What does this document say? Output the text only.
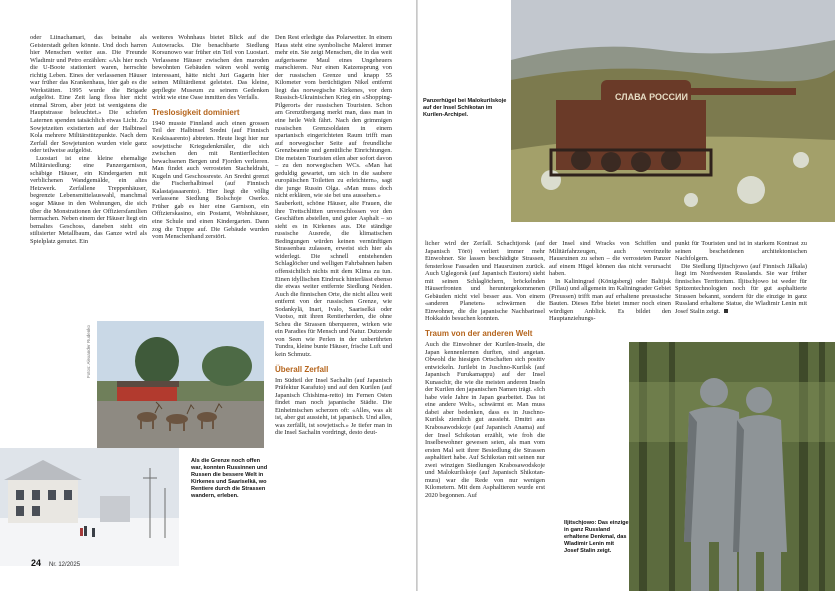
oder Liinachamari, das beinahe als Geisterstadt gelten könnte. Und doch harren hier Menschen weiter aus. Die Freunde Wladimir und Petro erzählen: «Als hier noch die U-Boote stationiert waren, herrschte richtig Leben. Eines der verlassenen Häuser war früher das Krankenhaus, hier gab es die Werkstätten. 1995 wurde die Brigade aufgelöst. Eine Zeit lang floss hier nicht einmal Strom, aber jetzt ist wenigstens die Hauptstrasse beleuchtet.» Die schiefen Laternen spenden tatsächlich etwas Licht. Zu Sowjetzeiten existierten auf der Halbinsel Kola mehrere Militärstützpunkte. Nach dem Zerfall der Sowjetunion wurden viele ganz oder teilweise aufgelöst.

Luostari ist eine kleine ehemalige Militärsiedlung: eine Panzergarnison, schäbige Häuser, ein Kindergarten mit verblichenen Wandgemälde, ein altes Heizwerk. Zerfallene Treppenhäuser, begrenzte Lebensmittelauswahl, manchmal sogar Mäuse in den Wohnungen, die sich über die Monstrationen der Offiziersfamilien hermachen. Neben einem der Häuser liegt ein bemaltes Geschoss, daneben steht ein stilisierter Metallbaum, das Ganze wird als Spielplatz genutzt. Ein

weiteres Wohnhaus bietet Blick auf die Autowracks. Die benachbarte Siedlung Korsunowo war früher ein Teil von Luostari. Verlassene Häuser zwischen den maroden bewohnten Gebäuden wären wohl wenig interessant, hätte nicht Juri Gagarin hier seinen Militärdienst geleistet. Das kleine, gepflegte Museum zu seinem Gedenken wirkt wie eine Oase inmitten des Verfalls.

Treslosigkeit dominiert

1940 musste Finnland auch einen grossen Teil der Halbinsel Sredni (auf Finnisch Keskisaarento) abtreten. Heute liegt hier nur sowjetische Kriegsdenkmäler, die sich zwischen den mit Rentierflechten bewachsenen Bergen und Fjorden verlieren. Man findet auch verrosteten Stacheldraht, Kugeln und Geschossreste. An Sredni grenzt die Fischerhalbinsel (auf Finnisch Kalastajasaarento). Hier liegt die völlig verlassene Siedlung Bolschoje Oserko. Früher gab es hier eine Garnison, ein Offizierskasino, ein Postamt, Wohnhäuser, eine Schule und einen Kindergarten. Dann zog die Truppe auf. Die Gebäude wurden vom Menschenhand zerstört.

Den Rest erledigte das Polarwetter. In einem Haus steht eine symbolische Malerei immer mehr ein. Sie zeigt Menschen, die in das weit aufgerissene Maul eines Ungeheuers marschieren. Nur einen Katzensprung von der russischen Grenze und knapp 55 Kilometer vom berüchtigten Nikel entfernt liegt das norwegische Kirkenes, vor dem Russisch-Ukrainischen Krieg ein «Shopping-Pilgerort» der russischen Touristen. Schon am Grenzübergang merkt man, dass man in eine heile Welt fährt. Nach den grimmigen russischen Grenzsoldaten in einem spartanisch eingerichteten Raum trifft man auf norwegischer Seite auf freundliche Grenzbeamte und gemütliche Einrichtungen. Die meisten Touristen eilen aber sofort davon – zu den norwegischen WCs. «Man hat geduldig gewartet, um sich in die saubere europäischen Toiletten zu erleichtern», sagt die junge Russin Olga. «Man muss doch nicht erklären, wie sie bei uns aussehen.»

Sauberkeit, schöne Häuser, alte Frauen, die ihre Trettschlitten unverschlossen vor den Geschäften abstellen, und guter Asphalt – so sieht es in Kirkenes aus. Die ständige russische Ausrede, die klimatischen Bedingungen würden keinen vernünftigen Strassenbau zulassen, erweist sich hier als widerlegt. Die schnell entstehenden Schlaglöcher und welligen Fahrbahnen haben offensichtlich nichts mit dem Klima zu tun. Einen idyllischen Eindruck hinterlässt ebenso die etwas weiter entfernte Siedlung Neiden. Auch die finnischen Orte, die nicht allzu weit entfernt von der russischen Grenze, wie Sodankylä, Inari, Ivalo, Saariselkä oder Vuotso, mit ihren Rentierherden, die ohne Scheu die Strassen überqueren, wirken wie ein Paradies für Mensch und Natur. Dutzende von Seen wie Perlen in der unberührten Tundra, kleine bunte Häuser, frische Luft und kein Schmutz.

Überall Zerfall

Im Südteil der Insel Sachalin (auf Japanisch Präfektur Karafuto) und auf den Kurilen (auf Japanisch Chishima-retto) im Fernen Osten findet man noch japanische Städte. Die Einheimischen scherzen oft: «Alles, was alt ist, aber gut aussieht, ist japanisch. Und alles, was zerfällt, ist sowjetisch.» Je tiefer man in die Insel Sachalin vordringt, desto deut-

Als die Grenze noch offen war, konnten Russinnen und Russen die bessere Welt in Kirkenes und Saariselkä, wo Rentiere durch die Strassen wandern, erleben.
Fotos: Alexander Rudenko
24 Nr. 12/2025
СЛАВА РОССИИ
Panzerhügel bei Malokurilskoje auf der Insel Schikotan im Kurilen-Archipel.

licher wird der Zerfall. Schachtjorsk (auf Japanisch Tōrō) verliert immer mehr Einwohner. Sie lassen beschädigte Strassen, fensterlose Fassaden und Hausruinen zurück. Auch Uglegorsk (auf Japanisch Esutoru) sieht mit seinen Schlaglöchern, bröckelnden Häuserfronten und heruntergekommenen Gebäuden nicht viel besser aus. Von einem «anderen Planeten» schwärmen die Einwohner, die die japanische Nachbarinsel Hokkaido besuchen konnten.

Traum von der anderen Welt

Auch die Einwohner der Kurilen-Inseln, die Japan kennenlernen durften, sind angetan. Obwohl die hiesigen Ortschaften sich positiv entwickeln. Jurilebt in Juschno-Kurilsk (auf Japanisch Furukamappu) auf der Insel Kunaschir, die wie die meisten anderen Inseln der Kurilen den japanischen Namen trägt. «Ich habe viele Jahre in Japan gearbeitet. Das ist eine andere Welt», schwärmt er. Man muss dabei aber bedenken, dass es in Juschno-Kurilsk ziemlich gut aussieht. Dmitri aus Krabosawodskoje (auf Japanisch Anama) auf der Insel Schikotan erzählt, wie froh die Inselbewohner gewesen seien, als man vom ersten Mal seit ihrer Besiedlung die Strassen asphaltiert habe. Auf Schikotan mit seinen nur zwei winzigen Siedlungen Krabosawodskoje und Malokurilskoje (auf Japanisch Shikotan-mura) war die Rede von nur wenigen Kilometern. Mit dem Asphaltieren wurde erst 2020 begonnen. Auf

der Insel sind Wracks von Schiffen und Militärfahrzeugen, auch vereinzelte Hausruinen zu sehen – die verrosteten Panzer auf einem Hügel können das nicht verursacht haben.

In Kaliningrad (Königsberg) oder Baltijsk (Pillau) und allgemein im Kaliningrader Gebiet (Preussen) trifft man auf erhaltene preussische Bauten. Dieses Erbe bietet immer noch einen würdigen Anblick. Es bildet den Hauptanziehungs-

punkt für Touristen und ist in starkem Kontrast zu seinen bescheidenen architektonischen Nachfolgern.

Die Siedlung Iljitschjowo (auf Finnisch Jälkala) liegt im Nordwesten Russlands. Sie war früher finnisches Territorium. Iljitschjowo ist weder für Spitzentechnologien noch für gut asphaltierte Strassen bekannt, sondern für die einzige in ganz Russland erhaltene Statue, die Wladimir Lenin mit Josef Stalin zeigt.

Iljitschjowo: Das einzige in ganz Russland erhaltene Denkmal, das Wladimir Lenin mit Josef Stalin zeigt.
